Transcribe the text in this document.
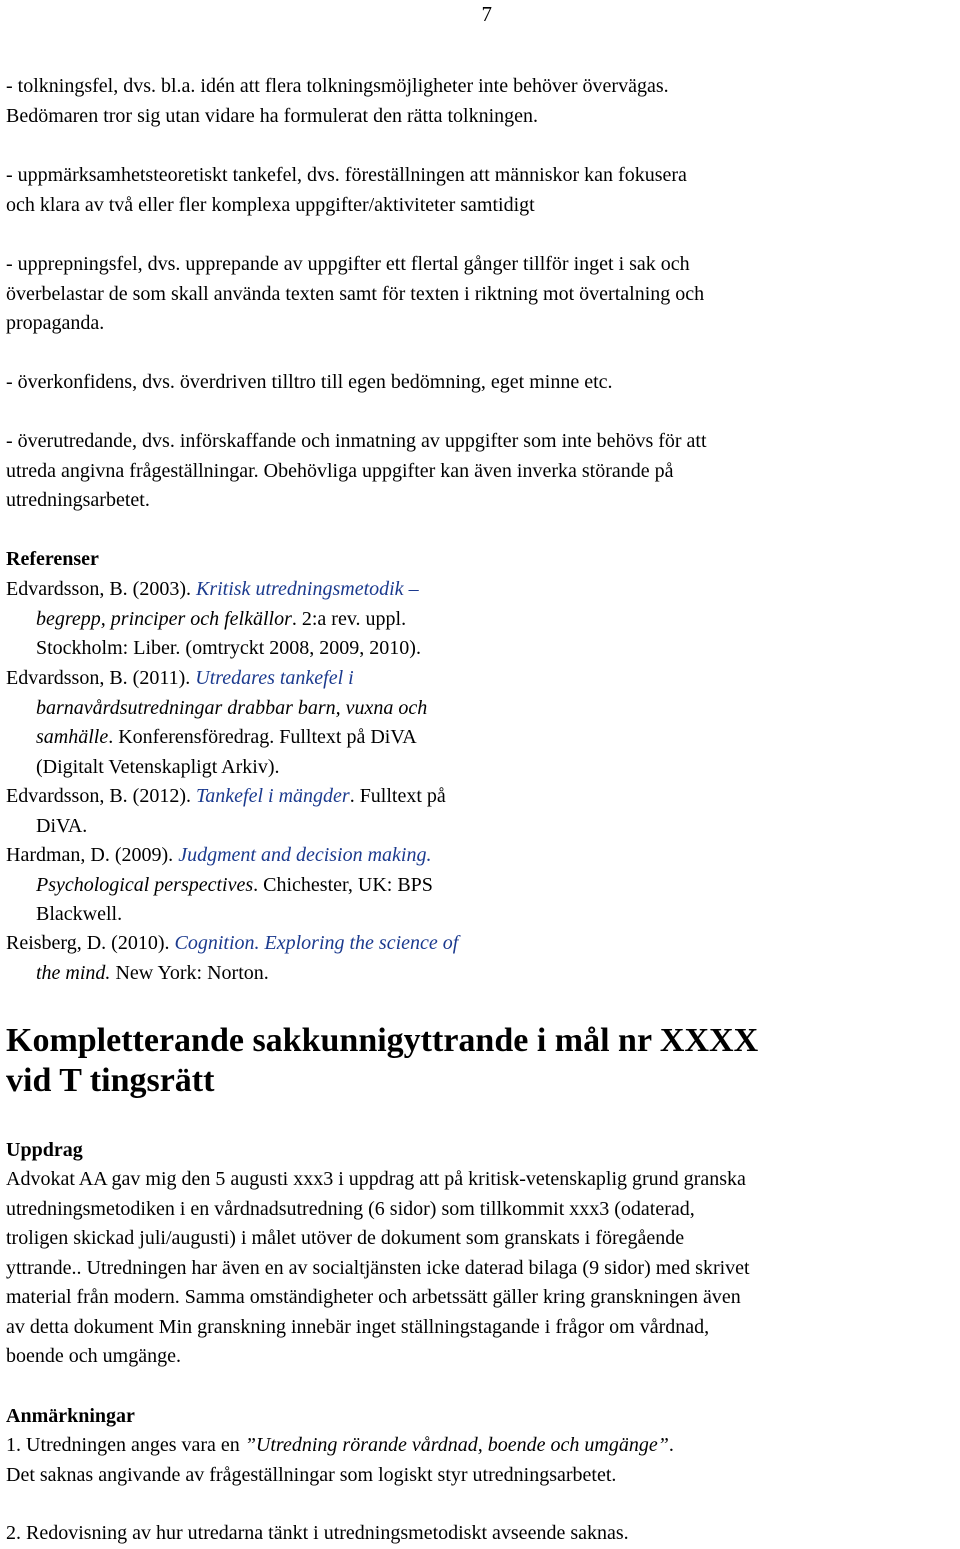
7

- tolkningsfel, dvs. bl.a. idén att flera tolkningsmöjligheter inte behöver övervägas.
Bedömaren tror sig utan vidare ha formulerat den rätta tolkningen.

- uppmärksamhetsteoretiskt tankefel, dvs. föreställningen att människor kan fokusera
och klara av två eller fler komplexa uppgifter/aktiviteter samtidigt

- upprepningsfel, dvs. upprepande av uppgifter ett flertal gånger tillför inget i sak och
överbelastar de som skall använda texten samt för texten i riktning mot övertalning och
propaganda.

- överkonfidens, dvs. överdriven tilltro till egen bedömning, eget minne etc.

- överutredande, dvs. införskaffande och inmatning av uppgifter som inte behövs för att
utreda angivna frågeställningar. Obehövliga uppgifter kan även inverka störande på
utredningsarbetet.

Referenser

Edvardsson, B. (2003). Kritisk utredningsmetodik –
begrepp, principer och felkällor. 2:a rev. uppl.
Stockholm: Liber. (omtryckt 2008, 2009, 2010).
Edvardsson, B. (2011). Utredares tankefel i
barnavårdsutredningar drabbar barn, vuxna och
samhälle. Konferensföredrag. Fulltext på DiVA
(Digitalt Vetenskapligt Arkiv).
Edvardsson, B. (2012). Tankefel i mängder. Fulltext på
DiVA.
Hardman, D. (2009). Judgment and decision making.
Psychological perspectives. Chichester, UK: BPS
Blackwell.
Reisberg, D. (2010). Cognition. Exploring the science of
the mind. New York: Norton.
Kompletterande sakkunnigyttrande i mål nr XXXX
vid T tingsrätt

Uppdrag

Advokat AA gav mig den 5 augusti xxx3 i uppdrag att på kritisk-vetenskaplig grund granska
utredningsmetodiken i en vårdnadsutredning (6 sidor) som tillkommit xxx3 (odaterad,
troligen skickad juli/augusti) i målet utöver de dokument som granskats i föregående
yttrande.. Utredningen har även en av socialtjänsten icke daterad bilaga (9 sidor) med skrivet
material från modern. Samma omständigheter och arbetssätt gäller kring granskningen även
av detta dokument Min granskning innebär inget ställningstagande i frågor om vårdnad,
boende och umgänge.

Anmärkningar

1. Utredningen anges vara en ”Utredning rörande vårdnad, boende och umgänge”.
Det saknas angivande av frågeställningar som logiskt styr utredningsarbetet.

2. Redovisning av hur utredarna tänkt i utredningsmetodiskt avseende saknas.
